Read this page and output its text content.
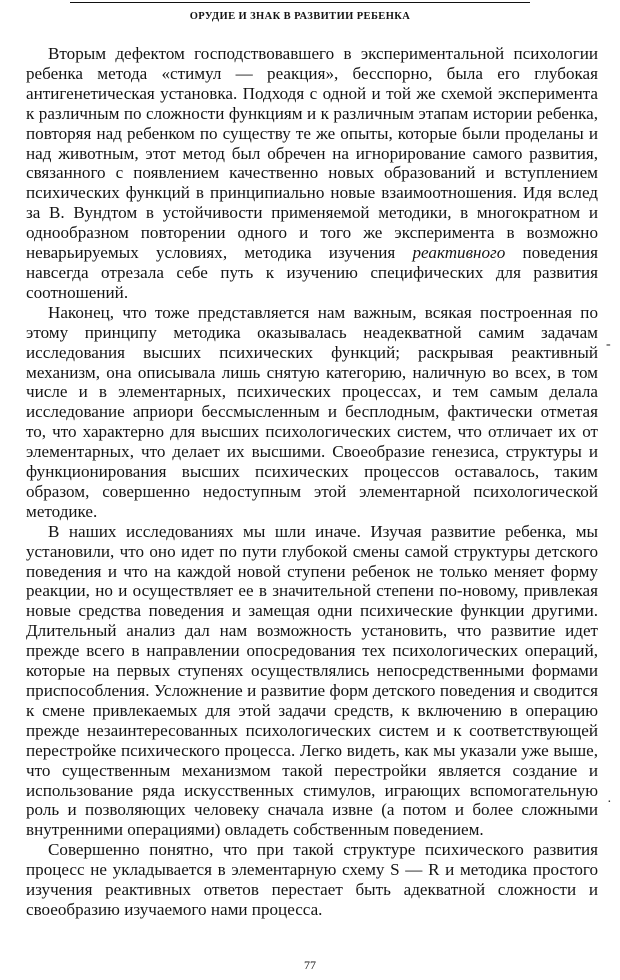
ОРУДИЕ И ЗНАК В РАЗВИТИИ РЕБЕНКА

Вторым дефектом господствовавшего в экспериментальной психологии ребенка метода «стимул — реакция», бесспорно, была его глубокая антигенетическая установка. Подходя с одной и той же схемой эксперимента к различным по сложности функциям и к различным этапам истории ребенка, повторяя над ребенком по существу те же опыты, которые были проделаны и над животным, этот метод был обречен на игнорирование самого развития, связанного с появлением качественно новых образований и вступлением психических функций в принципиально новые взаимоотношения. Идя вслед за В. Вундтом в устойчивости применяемой методики, в многократном и однообразном повторении одного и того же эксперимента в возможно неварьируемых условиях, методика изучения реактивного поведения навсегда отрезала себе путь к изучению специфических для развития соотношений.

Наконец, что тоже представляется нам важным, всякая построенная по этому принципу методика оказывалась неадекватной самим задачам исследования высших психических функций; раскрывая реактивный механизм, она описывала лишь снятую категорию, наличную во всех, в том числе и в элементарных, психических процессах, и тем самым делала исследование априори бессмысленным и бесплодным, фактически отметая то, что характерно для высших психологических систем, что отличает их от элементарных, что делает их высшими. Своеобразие генезиса, структуры и функционирования высших психических процессов оставалось, таким образом, совершенно недоступным этой элементарной психологической методике.

В наших исследованиях мы шли иначе. Изучая развитие ребенка, мы установили, что оно идет по пути глубокой смены самой структуры детского поведения и что на каждой новой ступени ребенок не только меняет форму реакции, но и осуществляет ее в значительной степени по-новому, привлекая новые средства поведения и замещая одни психические функции другими. Длительный анализ дал нам возможность установить, что развитие идет прежде всего в направлении опосредования тех психологических операций, которые на первых ступенях осуществлялись непосредственными формами приспособления. Усложнение и развитие форм детского поведения и сводится к смене привлекаемых для этой задачи средств, к включению в операцию прежде незаинтересованных психологических систем и к соответствующей перестройке психического процесса. Легко видеть, как мы указали уже выше, что существенным механизмом такой перестройки является создание и использование ряда искусственных стимулов, играющих вспомогательную роль и позволяющих человеку сначала извне (а потом и более сложными внутренними операциями) овладеть собственным поведением.

Совершенно понятно, что при такой структуре психического развития процесс не укладывается в элементарную схему S — R и методика простого изучения реактивных ответов перестает быть адекватной сложности и своеобразию изучаемого нами процесса.

-
·
77
